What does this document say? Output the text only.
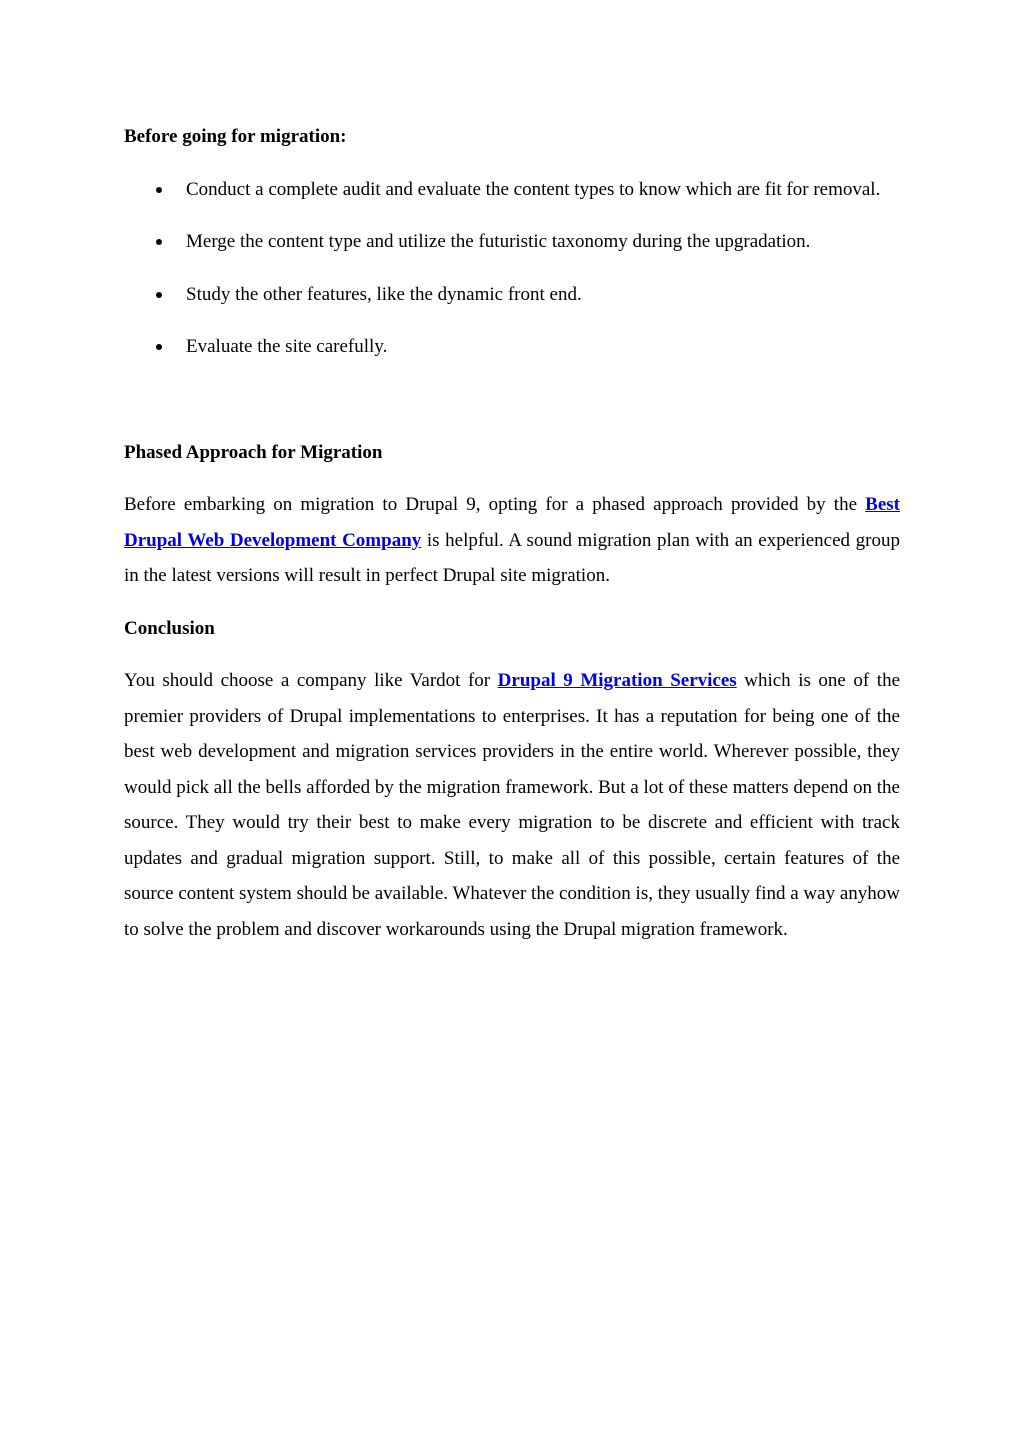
Before going for migration:

Conduct a complete audit and evaluate the content types to know which are fit for removal.
Merge the content type and utilize the futuristic taxonomy during the upgradation.
Study the other features, like the dynamic front end.
Evaluate the site carefully.

Phased Approach for Migration

Before embarking on migration to Drupal 9, opting for a phased approach provided by the Best Drupal Web Development Company is helpful. A sound migration plan with an experienced group in the latest versions will result in perfect Drupal site migration.

Conclusion

You should choose a company like Vardot for Drupal 9 Migration Services which is one of the premier providers of Drupal implementations to enterprises. It has a reputation for being one of the best web development and migration services providers in the entire world. Wherever possible, they would pick all the bells afforded by the migration framework. But a lot of these matters depend on the source. They would try their best to make every migration to be discrete and efficient with track updates and gradual migration support. Still, to make all of this possible, certain features of the source content system should be available. Whatever the condition is, they usually find a way anyhow to solve the problem and discover workarounds using the Drupal migration framework.
